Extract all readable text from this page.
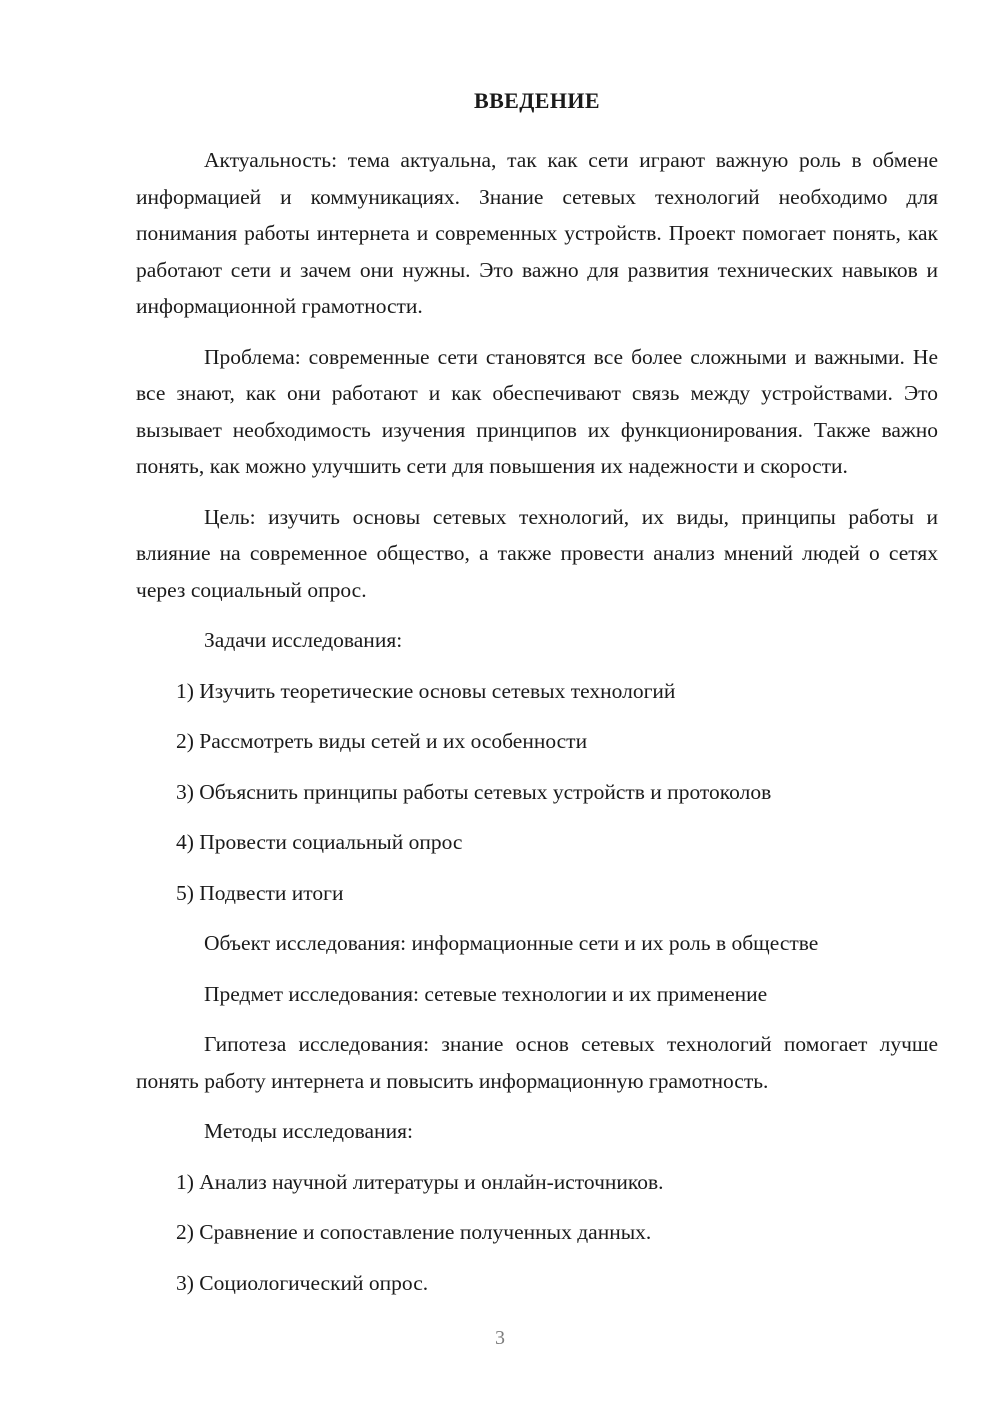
ВВЕДЕНИЕ

Актуальность: тема актуальна, так как сети играют важную роль в обмене информацией и коммуникациях. Знание сетевых технологий необходимо для понимания работы интернета и современных устройств. Проект помогает понять, как работают сети и зачем они нужны. Это важно для развития технических навыков и информационной грамотности.

Проблема: современные сети становятся все более сложными и важными. Не все знают, как они работают и как обеспечивают связь между устройствами. Это вызывает необходимость изучения принципов их функционирования. Также важно понять, как можно улучшить сети для повышения их надежности и скорости.

Цель: изучить основы сетевых технологий, их виды, принципы работы и влияние на современное общество, а также провести анализ мнений людей о сетях через социальный опрос.

Задачи исследования:

1) Изучить теоретические основы сетевых технологий

2) Рассмотреть виды сетей и их особенности

3) Объяснить принципы работы сетевых устройств и протоколов

4) Провести социальный опрос

5) Подвести итоги

Объект исследования: информационные сети и их роль в обществе

Предмет исследования: сетевые технологии и их применение

Гипотеза исследования: знание основ сетевых технологий помогает лучше понять работу интернета и повысить информационную грамотность.

Методы исследования:

1) Анализ научной литературы и онлайн-источников.

2) Сравнение и сопоставление полученных данных.

3) Социологический опрос.

3
